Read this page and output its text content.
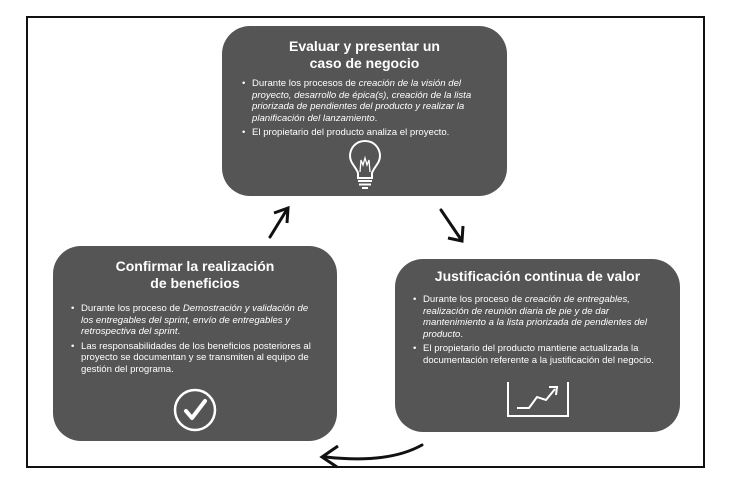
Evaluar y presentar un
caso de negocio
• Durante los procesos de creación de la visión del proyecto, desarrollo de épica(s), creación de la lista priorizada de pendientes del producto y realizar la planificación del lanzamiento.
• El propietario del producto analiza el proyecto.
Justificación continua de valor
• Durante los proceso de creación de entregables, realización de reunión diaria de pie y de dar mantenimiento a la lista priorizada de pendientes del producto.
• El propietario del producto mantiene actualizada la documentación referente a la justificación del negocio.
Confirmar la realización
de beneficios
• Durante los proceso de Demostración y validación de los entregables del sprint, envío de entregables y retrospectiva del sprint.
• Las responsabilidades de los beneficios posteriores al proyecto se documentan y se transmiten al equipo de gestión del programa.
